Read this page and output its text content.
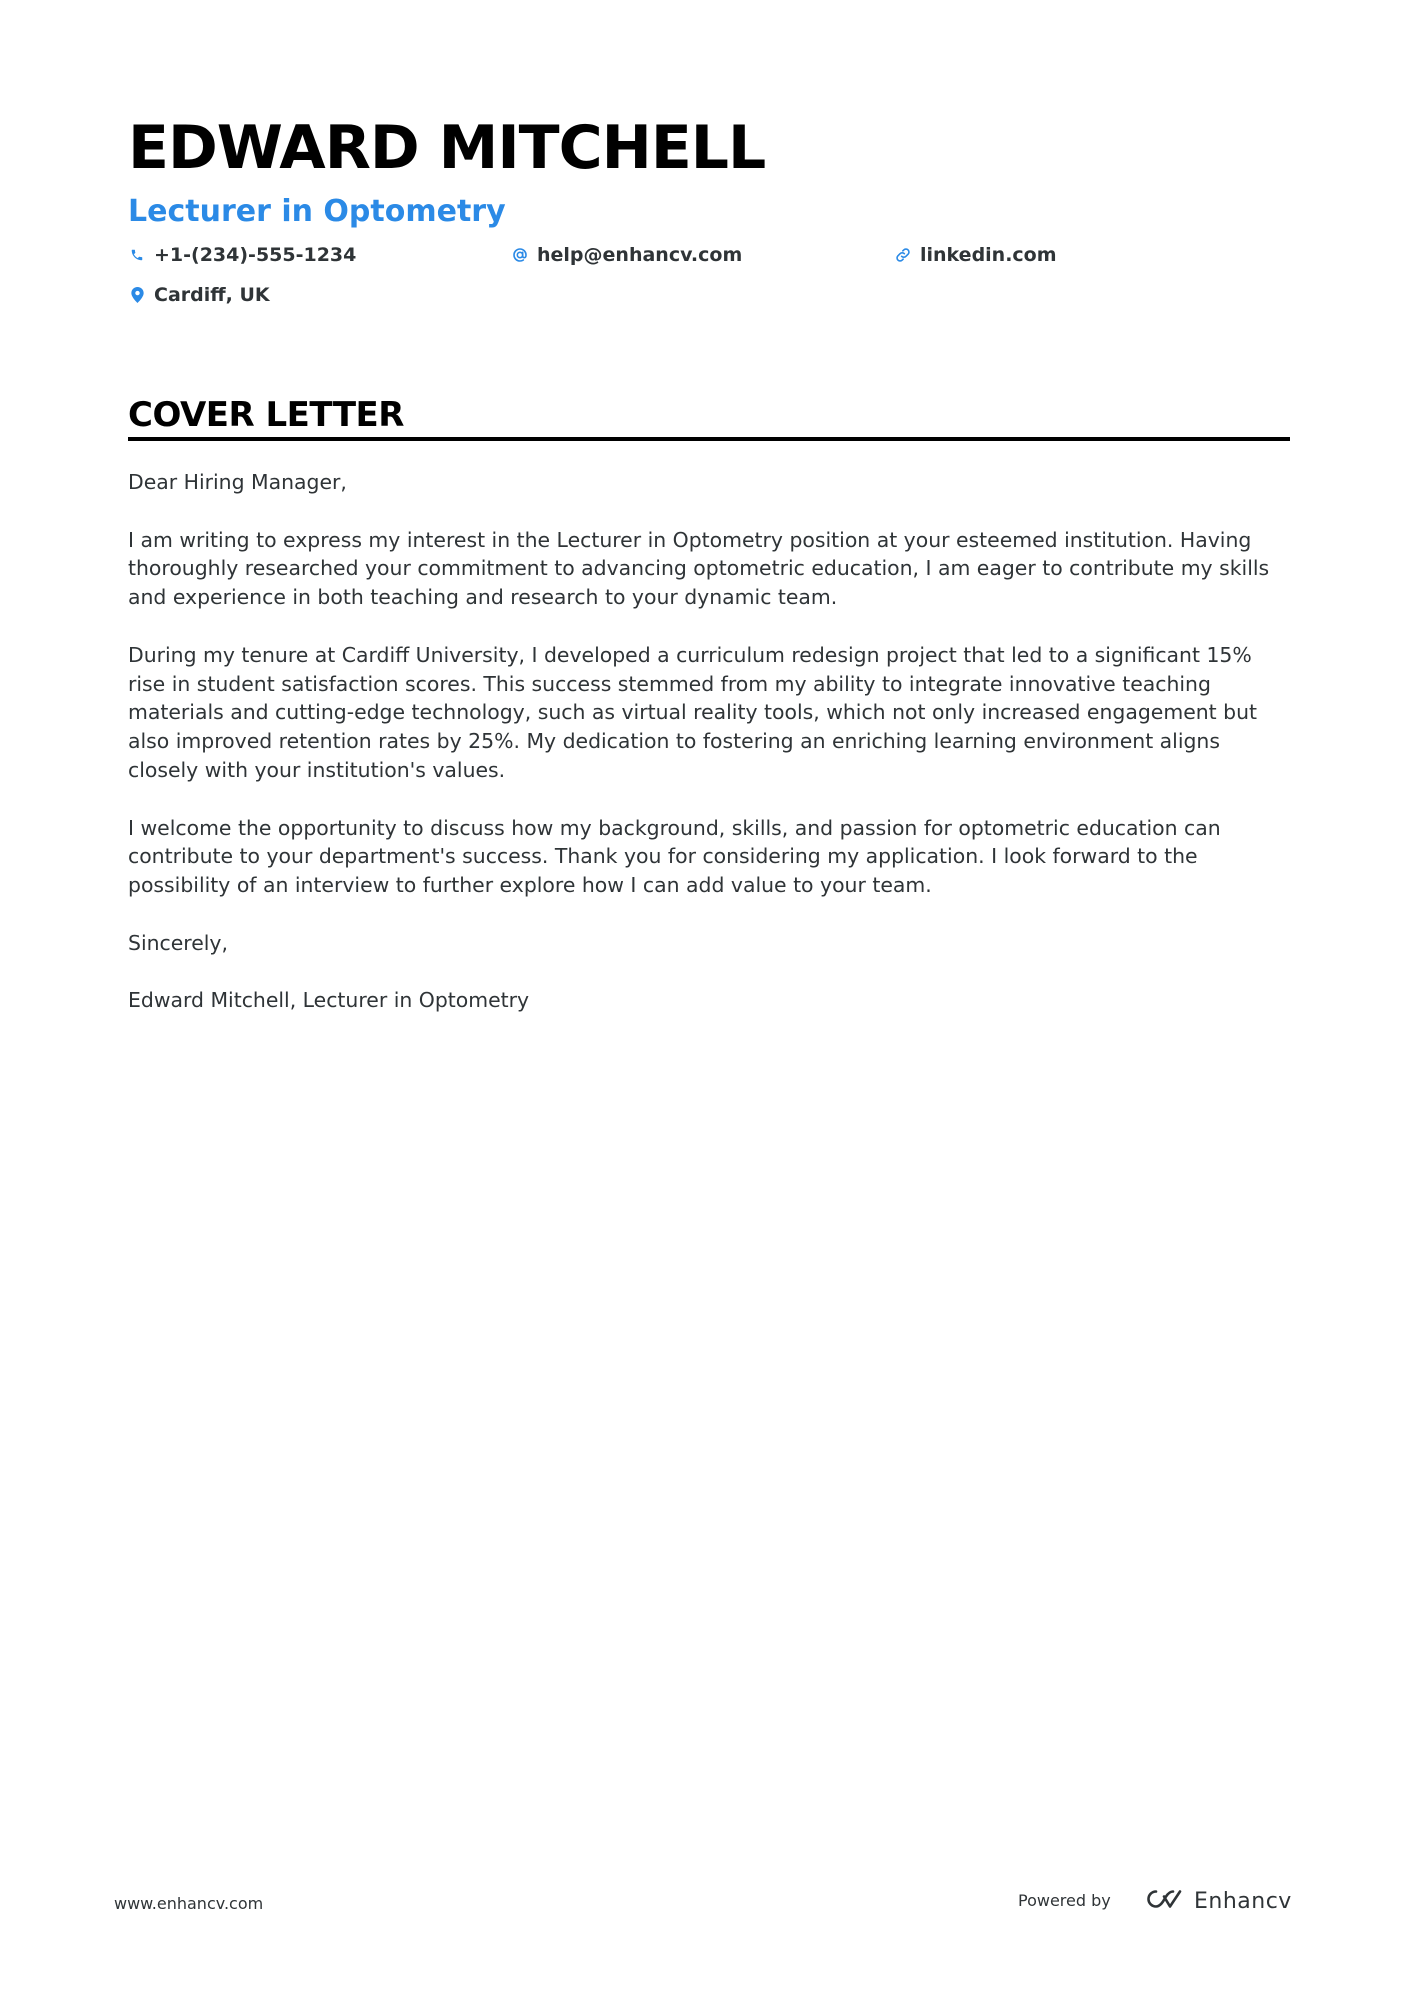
EDWARD MITCHELL
Lecturer in Optometry
+1-(234)-555-1234	help@enhancv.com	linkedin.com
Cardiff, UK
COVER LETTER

Dear Hiring Manager,

I am writing to express my interest in the Lecturer in Optometry position at your esteemed institution. Having thoroughly researched your commitment to advancing optometric education, I am eager to contribute my skills and experience in both teaching and research to your dynamic team.

During my tenure at Cardiff University, I developed a curriculum redesign project that led to a significant 15% rise in student satisfaction scores. This success stemmed from my ability to integrate innovative teaching materials and cutting-edge technology, such as virtual reality tools, which not only increased engagement but also improved retention rates by 25%. My dedication to fostering an enriching learning environment aligns closely with your institution's values.

I welcome the opportunity to discuss how my background, skills, and passion for optometric education can contribute to your department's success. Thank you for considering my application. I look forward to the possibility of an interview to further explore how I can add value to your team.

Sincerely,

Edward Mitchell, Lecturer in Optometry

www.enhancv.com	Powered by	Enhancv
